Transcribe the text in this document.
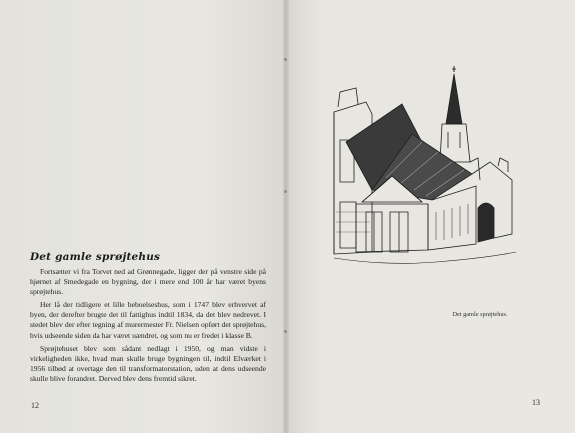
Det gamle sprøjtehus

Fortsætter vi fra Torvet ned ad Grønnegade, ligger der på venstre side på hjørnet af Smedegade en bygning, der i mere end 100 år har været byens sprøjtehus.

Her lå der tidligere et lille beboelseshus, som i 1747 blev erhvervet af byen, der derefter brugte det til fattighus indtil 1834, da det blev nedrevet. I stedet blev der efter tegning af murermester Fr. Nielsen opført det sprøjtehus, hvis udseende siden da har været uændret, og som nu er fredet i klasse B.

Sprøjtehuset blev som sådant nedlagt i 1950, og man vidste i virkeligheden ikke, hvad man skulle bruge bygningen til, indtil Elværket i 1956 tilbød at overtage den til transformatorstation, uden at dens udseende skulle blive forandret. Derved blev dens fremtid sikret.

12
Det gamle sprøjtehus.
13
